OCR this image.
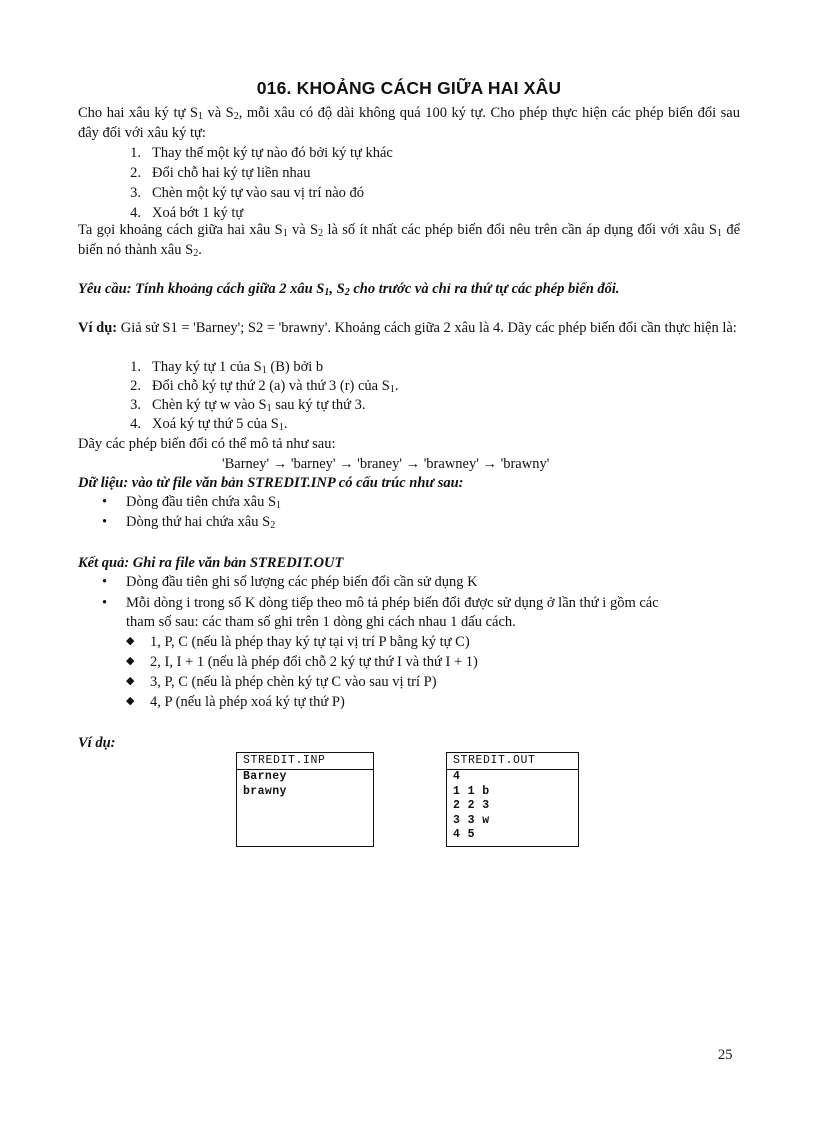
016. KHOẢNG CÁCH GIỮA HAI XÂU
Cho hai xâu ký tự $S_1$ và $S_2$, mỗi xâu có độ dài không quá 100 ký tự. Cho phép thực hiện các phép biến đổi sau đây đối với xâu ký tự:
1. Thay thế một ký tự nào đó bởi ký tự khác
2. Đổi chỗ hai ký tự liền nhau
3. Chèn một ký tự vào sau vị trí nào đó
4. Xoá bớt 1 ký tự
Ta gọi khoảng cách giữa hai xâu $S_1$ và $S_2$ là số ít nhất các phép biến đổi nêu trên cần áp dụng đối với xâu $S_1$ để biến nó thành xâu $S_2$.
Yêu cầu: Tính khoảng cách giữa 2 xâu $S_1$, $S_2$ cho trước và chỉ ra thứ tự các phép biến đổi.
Ví dụ: Giả sử S1 = 'Barney'; S2 = 'brawny'. Khoảng cách giữa 2 xâu là 4. Dãy các phép biến đổi cần thực hiện là:
1. Thay ký tự 1 của $S_1$ (B) bởi b
2. Đổi chỗ ký tự thứ 2 (a) và thứ 3 (r) của $S_1$.
3. Chèn ký tự w vào $S_1$ sau ký tự thứ 3.
4. Xoá ký tự thứ 5 của $S_1$.
Dãy các phép biến đổi có thể mô tả như sau:
'Barney' → 'barney' → 'braney' → 'brawney' → 'brawny'
Dữ liệu: vào từ file văn bản STREDIT.INP có cấu trúc như sau:
• Dòng đầu tiên chứa xâu $S_1$
• Dòng thứ hai chứa xâu $S_2$
Kết quả: Ghi ra file văn bản STREDIT.OUT
• Dòng đầu tiên ghi số lượng các phép biến đổi cần sử dụng K
• Mỗi dòng i trong số K dòng tiếp theo mô tả phép biến đổi được sử dụng ở lần thứ i gồm các
tham số sau: các tham số ghi trên 1 dòng ghi cách nhau 1 dấu cách.
◆ 1, P, C (nếu là phép thay ký tự tại vị trí P bằng ký tự C)
◆ 2, I, I + 1 (nếu là phép đổi chỗ 2 ký tự thứ I và thứ I + 1)
◆ 3, P, C (nếu là phép chèn ký tự C vào sau vị trí P)
◆ 4, P (nếu là phép xoá ký tự thứ P)
Ví dụ:
STREDIT.INP
Barney
brawny
STREDIT.OUT
4
1 1 b
2 2 3
3 3 w
4 5
25
